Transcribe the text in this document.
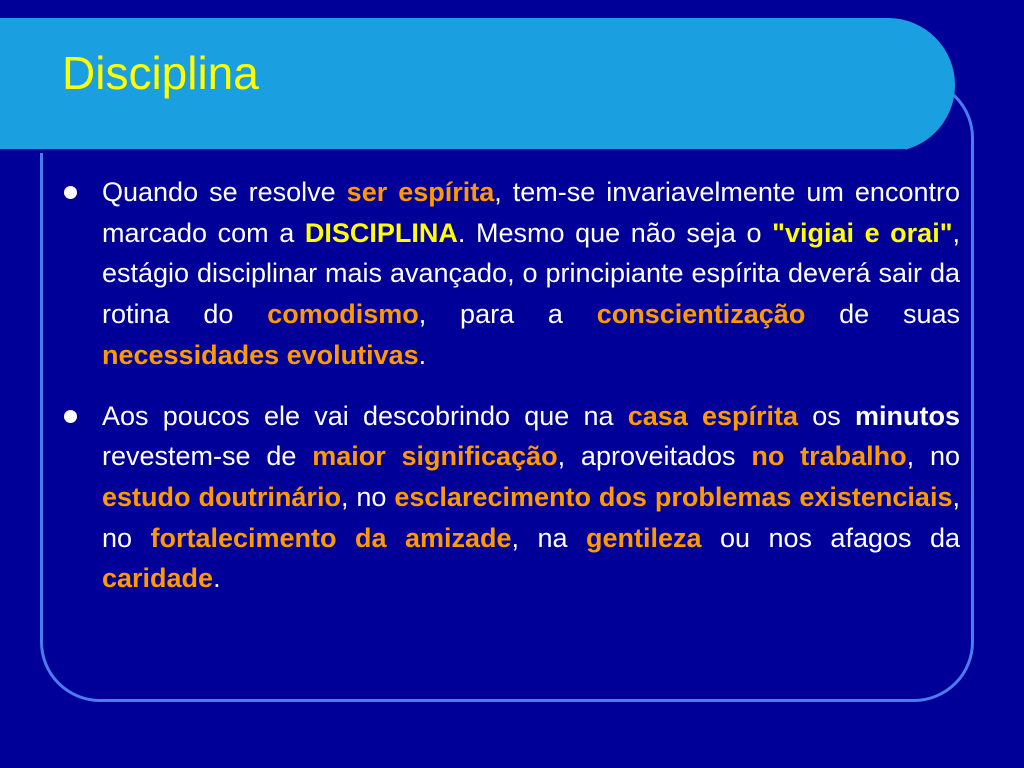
Disciplina
Quando se resolve ser espírita, tem-se invariavelmente um encontro marcado com a DISCIPLINA. Mesmo que não seja o "vigiai e orai", estágio disciplinar mais avançado, o principiante espírita deverá sair da rotina do comodismo, para a conscientização de suas necessidades evolutivas.
Aos poucos ele vai descobrindo que na casa espírita os minutos revestem-se de maior significação, aproveitados no trabalho, no estudo doutrinário, no esclarecimento dos problemas existenciais, no fortalecimento da amizade, na gentileza ou nos afagos da caridade.
